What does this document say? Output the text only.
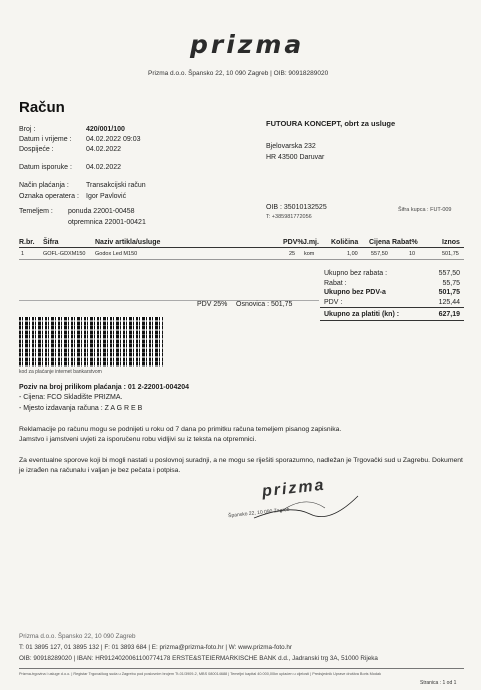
prizma
Prizma d.o.o. Špansko 22, 10 090 Zagreb | OIB: 90918289020
Račun
Broj :	420/001/100
Datum i vrijeme : 04.02.2022 09:03
Dospijeće :	04.02.2022
Datum isporuke : 04.02.2022
Način plaćanja : Transakcijski račun
Oznaka operatera : Igor Pavlović
Temeljem : ponuda 22001-00458
otpremnica 22001-00421
FUTOURA KONCEPT, obrt za usluge
Bjelovarska 232
HR 43500 Daruvar
OIB : 35010132525
T: +385981772056
Šifra kupca : FUT-009
R.br. Šifra	Naziv artikla/usluge	PDV% J.mj. Količina Cijena Rabat%	Iznos
1	GOFL-GDXM150 Godox Led M150	25 kom	1,00 557,50	10	501,75
Ukupno bez rabata :	557,50
Rabat :	55,75
Ukupno bez PDV-a	501,75
PDV :	125,44
Ukupno za platiti (kn) :	627,19
PDV 25% Osnovica : 501,75
kod za plaćanje internet bankarstvom
Poziv na broj prilikom plaćanja : 01 2-22001-004204
- Cijena: FCO Skladište PRIZMA.
- Mjesto izdavanja računa : Z A G R E B
Reklamacije po računu mogu se podnijeti u roku od 7 dana po primitku računa temeljem pisanog zapisnika.
Jamstvo i jamstveni uvjeti za isporučenu robu vidljivi su iz teksta na otpremnici.
Za eventualne sporove koji bi mogli nastati u poslovnoj suradnji, a ne mogu se riješiti sporazumno, nadležan je Trgovački sud u Zagrebu. Dokument je izrađen na računalu i valjan je bez pečata i potpisa.
prizma
Špansko 22, 10 090 Zagreb
Prizma d.o.o. Špansko 22, 10 090 Zagreb
T: 01 3895 127, 01 3895 132 | F: 01 3893 684 | E: prizma@prizma-foto.hr | W: www.prizma-foto.hr
OIB: 90918289020 | IBAN: HR9124020061100774178 ERSTE&STEIERMARKISCHE BANK d.d., Jadranski trg 3A, 51000 Rijeka
Prizma-trgovina i usluge d.o.o. | Registar Trgovačkog suda u Zagrebu pod poslovnim brojem Tt-01/3909-2, MBS 080014688 | Temeljni kapital 40.000,00kn uplaćen u cijelosti | Predsjednik Uprave društva Boris Modak
Stranica : 1 od 1
